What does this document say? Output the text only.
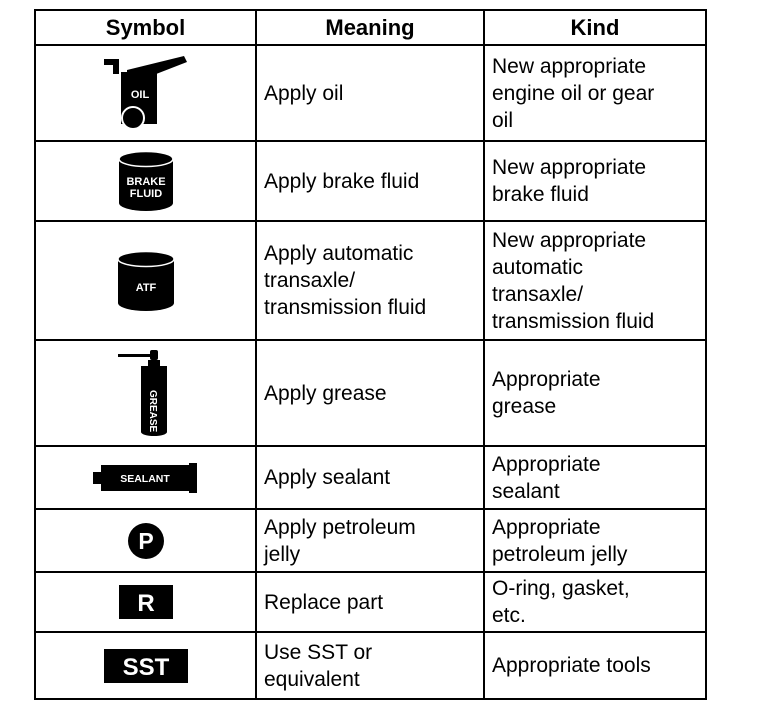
Symbol	Meaning	Kind

OIL	Apply oil	New appropriate
engine oil or gear
oil

BRAKE
FLUID	Apply brake fluid	New appropriate
brake fluid

ATF	Apply automatic
transaxle/
transmission fluid	New appropriate
automatic
transaxle/
transmission fluid

GREASE	Apply grease	Appropriate
grease

SEALANT	Apply sealant	Appropriate
sealant

P	Apply petroleum
jelly	Appropriate
petroleum jelly

R	Replace part	O-ring, gasket,
etc.

SST	Use SST or
equivalent	Appropriate tools
